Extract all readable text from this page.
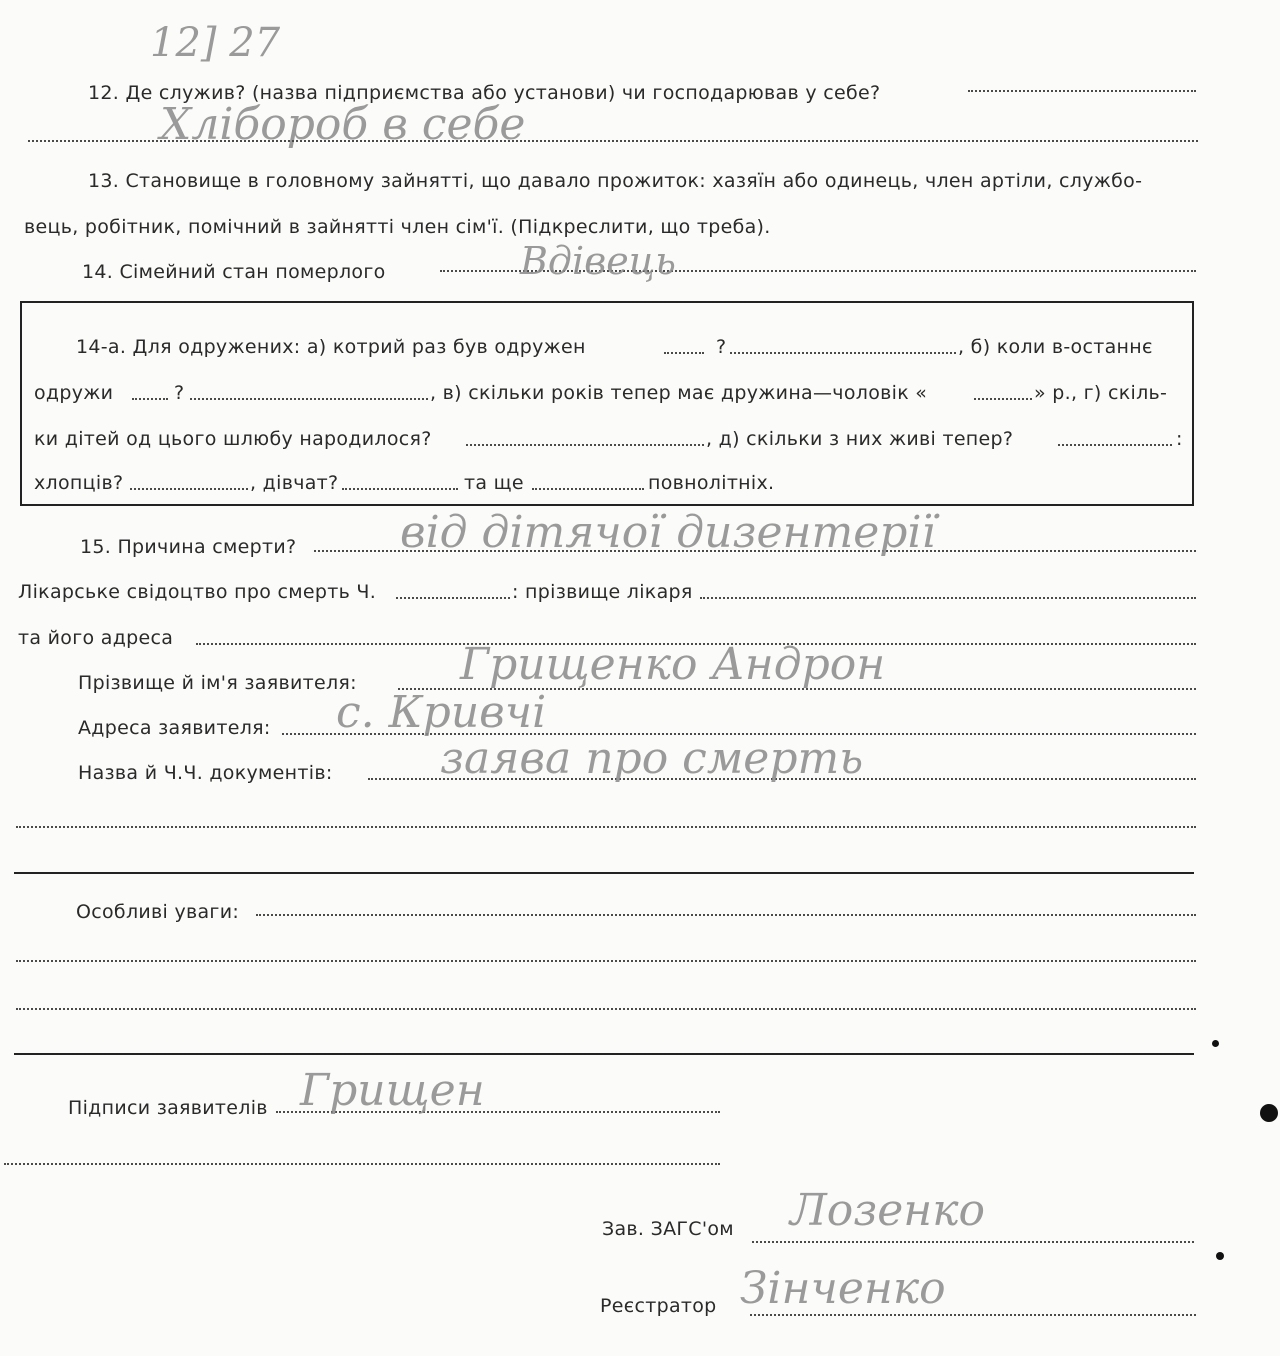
12] 27
12. Де служив? (назва підприємства або установи) чи господарював у себе?
Хлібороб в себе
13. Становище в головному зайнятті, що давало прожиток: хазяїн або одинець, член артіли, службо-
вець, робітник, помічний в зайнятті член сім'ї. (Підкреслити, що треба).
14. Сімейний стан померлого	Вдівець
14-а. Для одружених: а) котрий раз був одружен	?	, б) коли в-останнє
одружи	?	, в) скільки років тепер має дружина—чоловік «	» р., г) скіль-
ки дітей од цього шлюбу народилося?	, д) скільки з них живі тепер?	:
хлопців?	, дівчат?	та ще	повнолітніх.
15. Причина смерти? від дітячої дизентерії
Лікарське свідоцтво про смерть Ч.	: прізвище лікаря
та його адреса
Прізвище й ім'я заявителя: Грищенко Андрон
Адреса заявителя: с. Кривчі
Назва й Ч.Ч. документів: заява про смерть
Особливі уваги:
Підписи заявителів Грищен
Зав. ЗАГС'ом Лозенко
Реєстратор Зінченко
